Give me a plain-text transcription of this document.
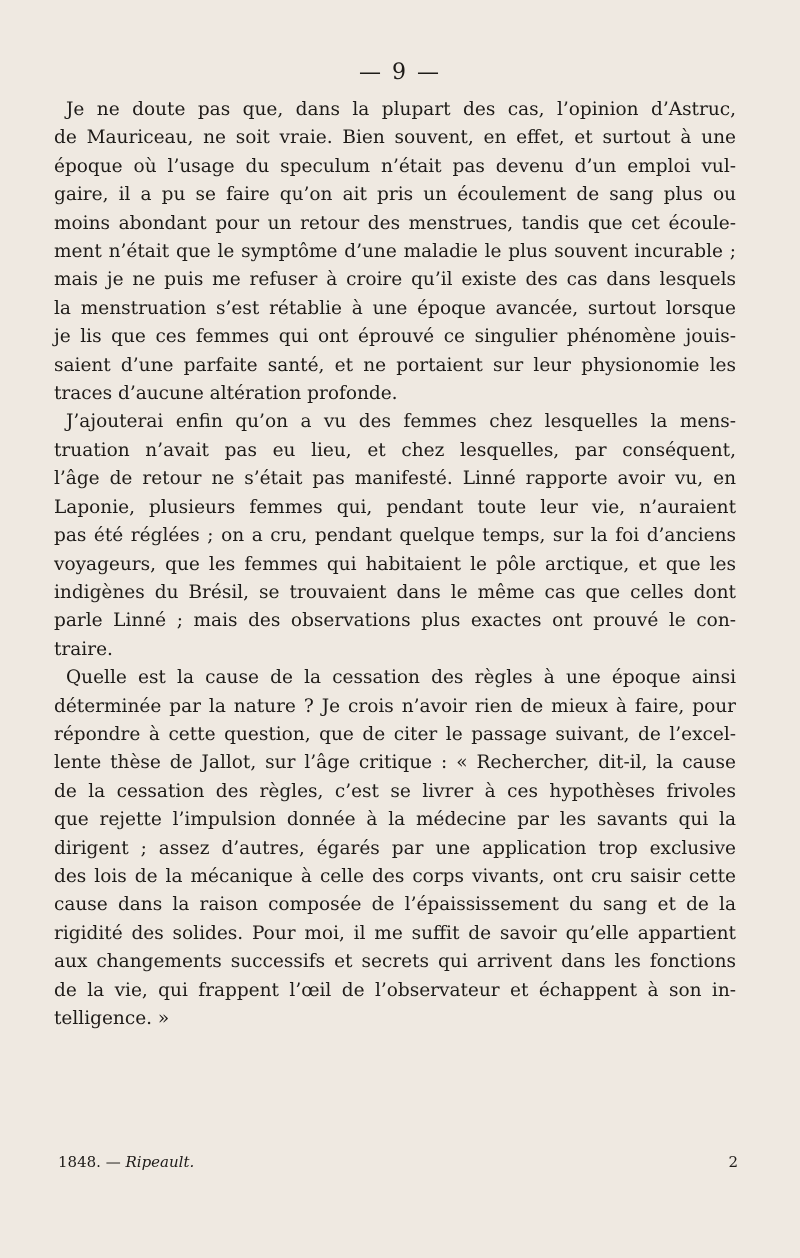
— 9 —
Je ne doute pas que, dans la plupart des cas, l’opinion d’Astruc,
de Mauriceau, ne soit vraie. Bien souvent, en effet, et surtout à une
époque où l’usage du speculum n’était pas devenu d’un emploi vul-
gaire, il a pu se faire qu’on ait pris un écoulement de sang plus ou
moins abondant pour un retour des menstrues, tandis que cet écoule-
ment n’était que le symptôme d’une maladie le plus souvent incurable ;
mais je ne puis me refuser à croire qu’il existe des cas dans lesquels
la menstruation s’est rétablie à une époque avancée, surtout lorsque
je lis que ces femmes qui ont éprouvé ce singulier phénomène jouis-
saient d’une parfaite santé, et ne portaient sur leur physionomie les
traces d’aucune altération profonde.
J’ajouterai enfin qu’on a vu des femmes chez lesquelles la mens-
truation n’avait pas eu lieu, et chez lesquelles, par conséquent,
l’âge de retour ne s’était pas manifesté. Linné rapporte avoir vu, en
Laponie, plusieurs femmes qui, pendant toute leur vie, n’auraient
pas été réglées ; on a cru, pendant quelque temps, sur la foi d’anciens
voyageurs, que les femmes qui habitaient le pôle arctique, et que les
indigènes du Brésil, se trouvaient dans le même cas que celles dont
parle Linné ; mais des observations plus exactes ont prouvé le con-
traire.
Quelle est la cause de la cessation des règles à une époque ainsi
déterminée par la nature ? Je crois n’avoir rien de mieux à faire, pour
répondre à cette question, que de citer le passage suivant, de l’excel-
lente thèse de Jallot, sur l’âge critique : « Rechercher, dit-il, la cause
de la cessation des règles, c’est se livrer à ces hypothèses frivoles
que rejette l’impulsion donnée à la médecine par les savants qui la
dirigent ; assez d’autres, égarés par une application trop exclusive
des lois de la mécanique à celle des corps vivants, ont cru saisir cette
cause dans la raison composée de l’épaississement du sang et de la
rigidité des solides. Pour moi, il me suffit de savoir qu’elle appartient
aux changements successifs et secrets qui arrivent dans les fonctions
de la vie, qui frappent l’œil de l’observateur et échappent à son in-
telligence. »
1848. — Ripeault.	2
